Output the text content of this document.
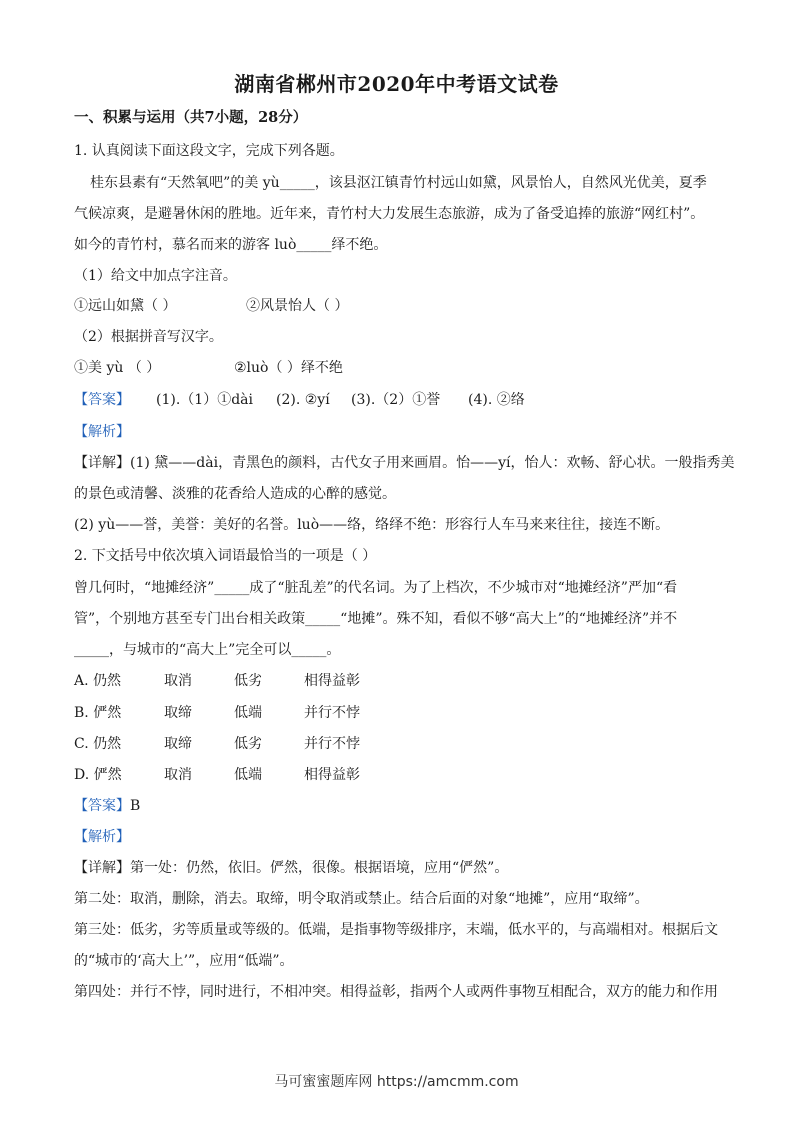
湖南省郴州市2020年中考语文试卷
一、积累与运用（共7小题，28分）
1. 认真阅读下面这段文字，完成下列各题。
桂东县素有“天然氧吧”的美 yù_____，该县沤江镇青竹村远山如黛，风景怡人，自然风光优美，夏季
气候凉爽，是避暑休闲的胜地。近年来，青竹村大力发展生态旅游，成为了备受追捧的旅游“网红村”。
如今的青竹村，慕名而来的游客 luò_____绎不绝。
（1）给文中加点字注音。
①远山如黛（ ）	②风景怡人（ ）
（2）根据拼音写汉字。
①美 yù （ ）	②luò（ ）绎不绝
【答案】 (1).（1）①dài (2). ②yí (3).（2）①誉 (4). ②络
【解析】
【详解】(1) 黛——dài，青黑色的颜料，古代女子用来画眉。怡——yí，怡人：欢畅、舒心状。一般指秀美
的景色或清馨、淡雅的花香给人造成的心醉的感觉。
(2) yù——誉，美誉：美好的名誉。luò——络，络绎不绝：形容行人车马来来往往，接连不断。
2. 下文括号中依次填入词语最恰当的一项是（ ）
曾几何时，“地摊经济”_____成了“脏乱差”的代名词。为了上档次，不少城市对“地摊经济”严加“看
管”，个别地方甚至专门出台相关政策_____“地摊”。殊不知，看似不够“高大上”的“地摊经济”并不
_____，与城市的“高大上”完全可以_____。
A. 仍然	取消	低劣	相得益彰
B. 俨然	取缔	低端	并行不悖
C. 仍然	取缔	低劣	并行不悖
D. 俨然	取消	低端	相得益彰
【答案】B
【解析】
【详解】第一处：仍然，依旧。俨然，很像。根据语境，应用“俨然”。
第二处：取消，删除，消去。取缔，明令取消或禁止。结合后面的对象“地摊”，应用“取缔”。
第三处：低劣，劣等质量或等级的。低端，是指事物等级排序，末端，低水平的，与高端相对。根据后文
的“城市的‘高大上’”，应用“低端”。
第四处：并行不悖，同时进行，不相冲突。相得益彰，指两个人或两件事物互相配合，双方的能力和作用
马可蜜蜜题库网 https://amcmm.com
